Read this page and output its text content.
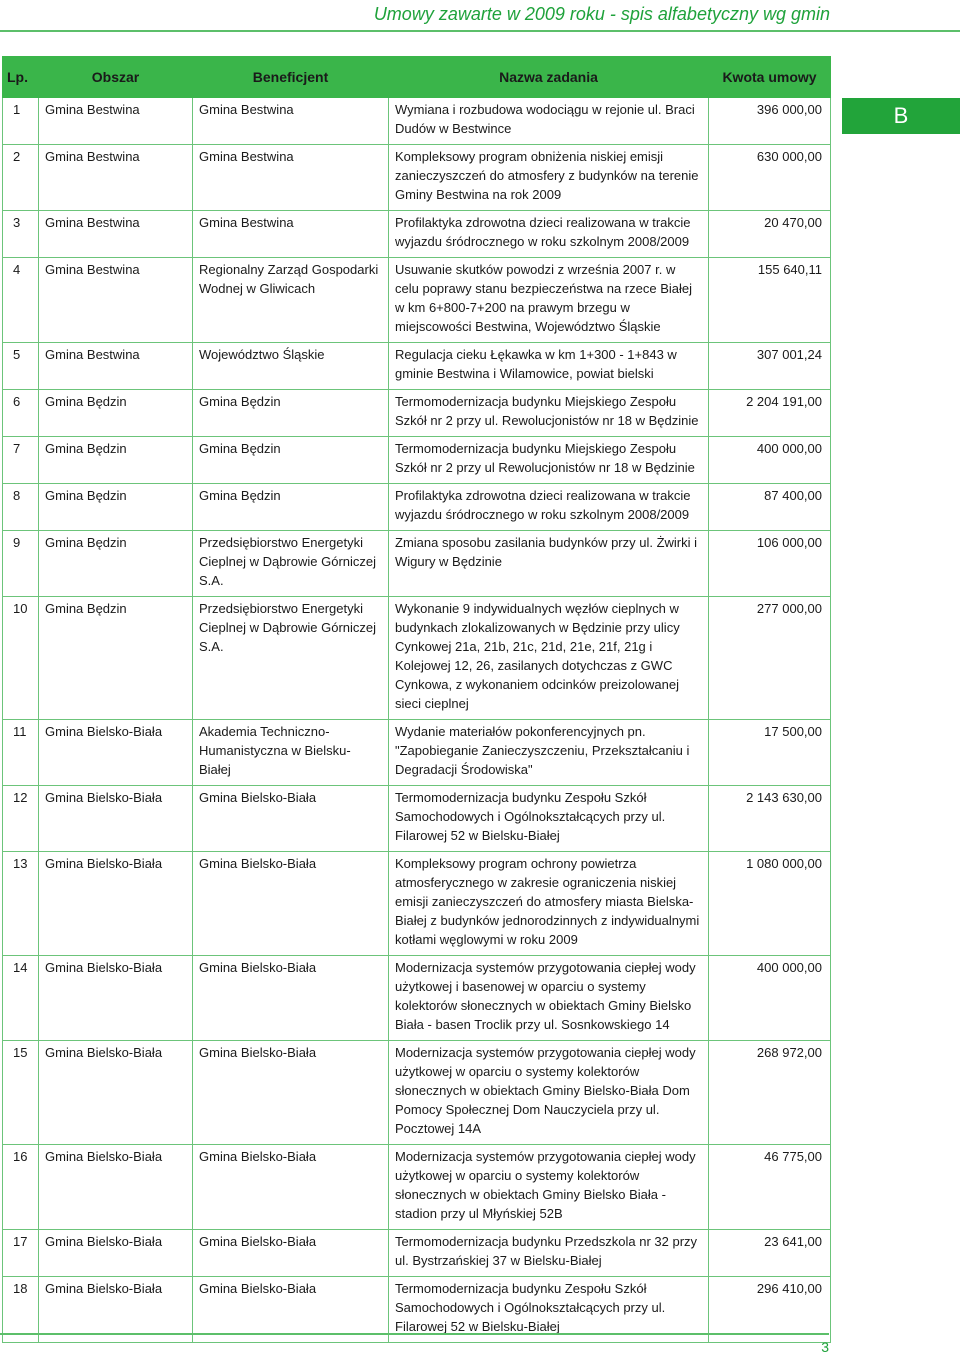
Umowy zawarte w 2009 roku - spis alfabetyczny wg gmin
B
Lp.	Obszar	Beneficjent	Nazwa zadania	Kwota umowy
1	Gmina Bestwina	Gmina Bestwina	Wymiana i rozbudowa wodociągu w rejonie ul. Braci Dudów w Bestwince	396 000,00
2	Gmina Bestwina	Gmina Bestwina	Kompleksowy program obniżenia niskiej emisji zanieczyszczeń do atmosfery z budynków na terenie Gminy Bestwina na rok 2009	630 000,00
3	Gmina Bestwina	Gmina Bestwina	Profilaktyka zdrowotna dzieci realizowana w trakcie wyjazdu śródrocznego w roku szkolnym 2008/2009	20 470,00
4	Gmina Bestwina	Regionalny Zarząd Gospodarki Wodnej w Gliwicach	Usuwanie skutków powodzi z września 2007 r. w celu poprawy stanu bezpieczeństwa na rzece Białej w km 6+800-7+200 na prawym brzegu w miejscowości Bestwina, Województwo Śląskie	155 640,11
5	Gmina Bestwina	Województwo Śląskie	Regulacja cieku Łękawka w km 1+300 - 1+843 w gminie Bestwina i Wilamowice, powiat bielski	307 001,24
6	Gmina Będzin	Gmina Będzin	Termomodernizacja budynku Miejskiego Zespołu Szkół nr 2 przy ul. Rewolucjonistów nr 18 w Będzinie	2 204 191,00
7	Gmina Będzin	Gmina Będzin	Termomodernizacja budynku Miejskiego Zespołu Szkół nr 2 przy ul Rewolucjonistów nr 18 w Będzinie	400 000,00
8	Gmina Będzin	Gmina Będzin	Profilaktyka zdrowotna dzieci realizowana w trakcie wyjazdu śródrocznego w roku szkolnym 2008/2009	87 400,00
9	Gmina Będzin	Przedsiębiorstwo Energetyki Cieplnej w Dąbrowie Górniczej S.A.	Zmiana sposobu zasilania budynków przy ul. Żwirki i Wigury w Będzinie	106 000,00
10	Gmina Będzin	Przedsiębiorstwo Energetyki Cieplnej w Dąbrowie Górniczej S.A.	Wykonanie 9 indywidualnych węzłów cieplnych w budynkach zlokalizowanych w Będzinie przy ulicy Cynkowej 21a, 21b, 21c, 21d, 21e, 21f, 21g i Kolejowej 12, 26, zasilanych dotychczas z GWC Cynkowa, z wykonaniem odcinków preizolowanej sieci cieplnej	277 000,00
11	Gmina Bielsko-Biała	Akademia Techniczno-Humanistyczna w Bielsku-Białej	Wydanie materiałów pokonferencyjnych pn. "Zapobieganie Zanieczyszczeniu, Przekształcaniu i Degradacji Środowiska"	17 500,00
12	Gmina Bielsko-Biała	Gmina Bielsko-Biała	Termomodernizacja budynku Zespołu Szkół Samochodowych i Ogólnokształcących przy ul. Filarowej 52 w Bielsku-Białej	2 143 630,00
13	Gmina Bielsko-Biała	Gmina Bielsko-Biała	Kompleksowy program ochrony powietrza atmosferycznego w zakresie ograniczenia niskiej emisji zanieczyszczeń do atmosfery miasta Bielska-Białej z budynków jednorodzinnych z indywidualnymi kotłami węglowymi w roku 2009	1 080 000,00
14	Gmina Bielsko-Biała	Gmina Bielsko-Biała	Modernizacja systemów przygotowania ciepłej wody użytkowej i basenowej w oparciu o systemy kolektorów słonecznych w obiektach Gminy Bielsko Biała - basen Troclik przy ul. Sosnkowskiego 14	400 000,00
15	Gmina Bielsko-Biała	Gmina Bielsko-Biała	Modernizacja systemów przygotowania ciepłej wody użytkowej w oparciu o systemy kolektorów słonecznych w obiektach Gminy Bielsko-Biała Dom Pomocy Społecznej Dom Nauczyciela przy ul. Pocztowej 14A	268 972,00
16	Gmina Bielsko-Biała	Gmina Bielsko-Biała	Modernizacja systemów przygotowania ciepłej wody użytkowej w oparciu o systemy kolektorów słonecznych w obiektach Gminy Bielsko Biała - stadion przy ul Młyńskiej 52B	46 775,00
17	Gmina Bielsko-Biała	Gmina Bielsko-Biała	Termomodernizacja budynku Przedszkola nr 32 przy ul. Bystrzańskiej 37 w Bielsku-Białej	23 641,00
18	Gmina Bielsko-Biała	Gmina Bielsko-Biała	Termomodernizacja budynku Zespołu Szkół Samochodowych i Ogólnokształcących przy ul. Filarowej 52 w Bielsku-Białej	296 410,00
3
